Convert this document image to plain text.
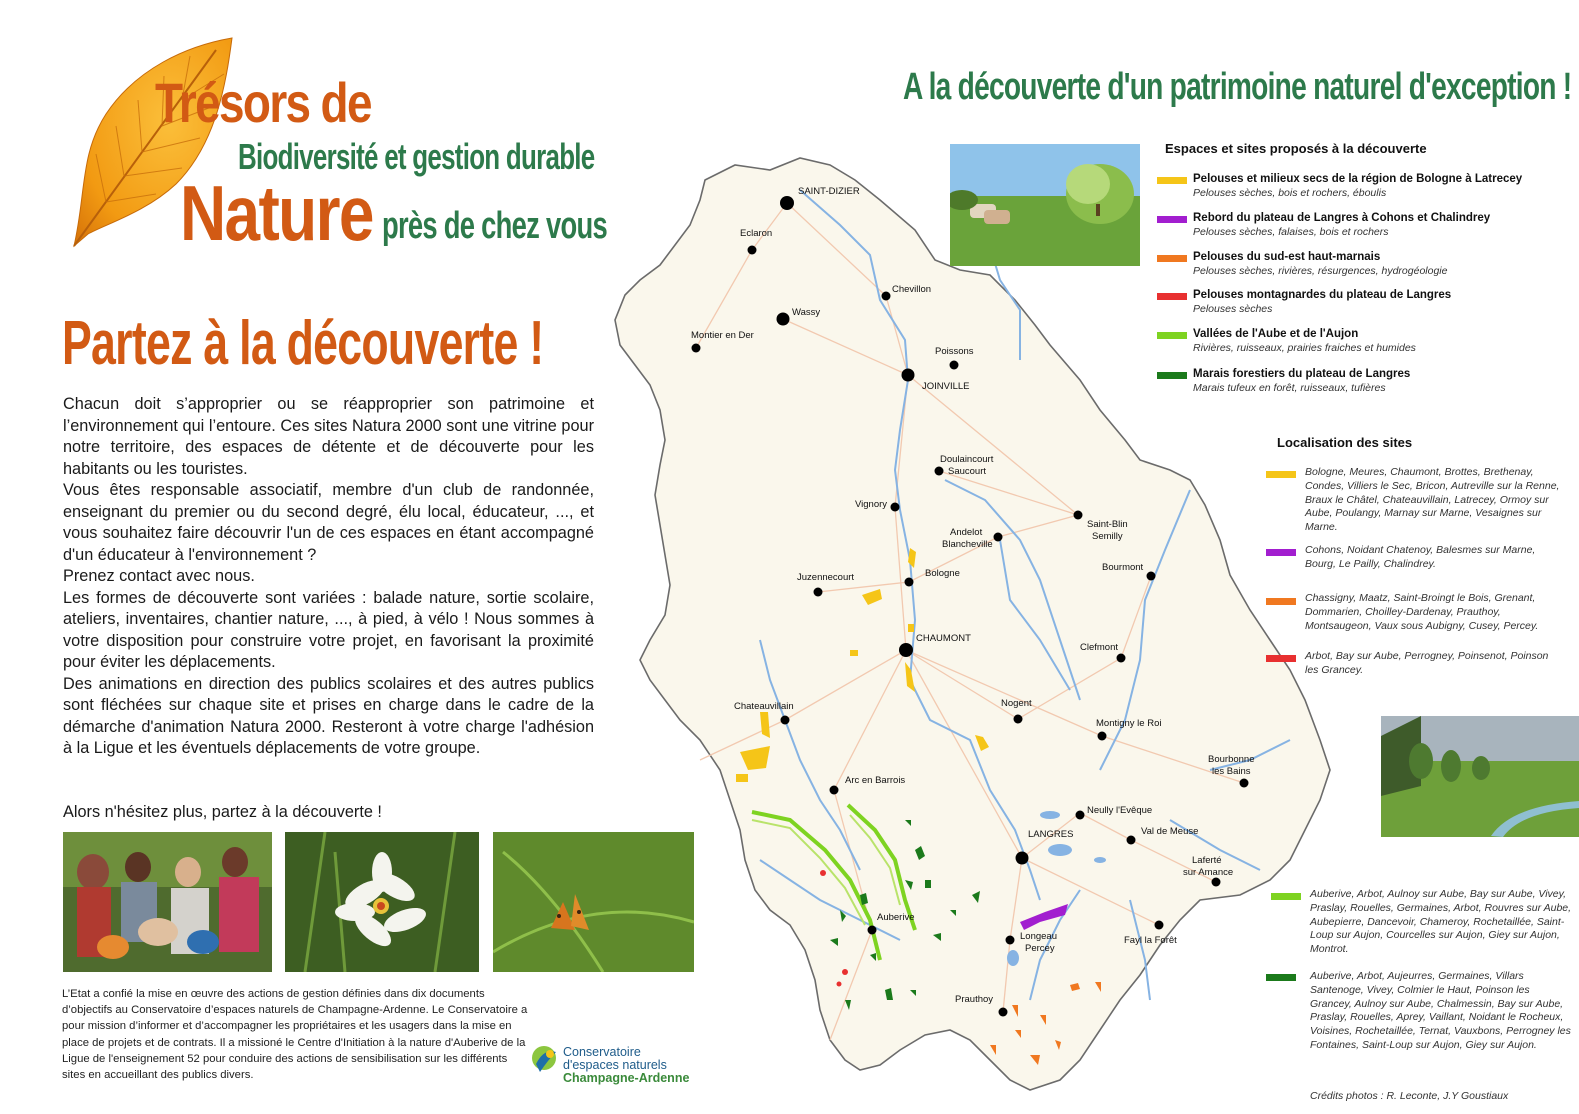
Trésors de
Biodiversité et gestion durable
Nature près de chez vous
A la découverte d'un patrimoine naturel d'exception !
Partez à la découverte !

Chacun doit s’approprier ou se réapproprier son patrimoine et l’environnement qui l’entoure. Ces sites Natura 2000 sont une vitrine pour notre territoire, des espaces de détente et de découverte pour les habitants ou les touristes.

Vous êtes responsable associatif, membre d'un club de randonnée, enseignant du premier ou du second degré, élu local, éducateur, ..., et vous souhaitez faire découvrir l'un de ces espaces en étant accompagné d'un éducateur à l'environnement ?

Prenez contact avec nous.

Les formes de découverte sont variées : balade nature, sortie scolaire, ateliers, inventaires, chantier nature, ..., à pied, à vélo ! Nous sommes à votre disposition pour construire votre projet, en favorisant la proximité pour éviter les déplacements.

Des animations en direction des publics scolaires et des autres publics sont fléchées sur chaque site et prises en charge dans le cadre de la démarche d'animation Natura 2000. Resteront à votre charge l'adhésion à la Ligue et les éventuels déplacements de votre groupe.

Alors n'hésitez plus, partez à la découverte !
L’Etat a confié la mise en œuvre des actions de gestion définies dans dix documents d’objectifs au Conservatoire d’espaces naturels de Champagne-Ardenne. Le Conservatoire a pour mission d’informer et d’accompagner les propriétaires et les usagers dans la mise en place de projets et de contrats. Il a missioné le Centre d'Initiation à la nature d'Auberive de la Ligue de l'enseignement 52 pour conduire des actions de sensibilisation sur les différents sites en accueillant des publics divers.
Conservatoire
d'espaces naturels
Champagne-Ardenne
SAINT-DIZIER
Eclaron
Chevillon
Wassy
Montier en Der
Poissons
JOINVILLE
Doulaincourt
Saucourt
Vignory
Saint-Blin
Semilly
Andelot
Blancheville
Bourmont
Juzennecourt	Bologne
CHAUMONT
Clefmont
Chateauvillain	Nogent
Montigny le Roi
Bourbonne
les Bains
Arc en Barrois
Neully l'Evêque
LANGRES	Val de Meuse
Laferté
sur Amance
Auberive
Longeau
Percey
Fayl la Forêt
Prauthoy
Espaces et sites proposés à la découverte
Pelouses et milieux secs de la région de Bologne à Latrecey
Pelouses sèches, bois et rochers, éboulis
Rebord du plateau de Langres à Cohons et Chalindrey
Pelouses sèches, falaises, bois et rochers
Pelouses du sud-est haut-marnais
Pelouses sèches, rivières, résurgences, hydrogéologie
Pelouses montagnardes du plateau de Langres
Pelouses sèches
Vallées de l'Aube et de l'Aujon
Rivières, ruisseaux, prairies fraiches et humides
Marais forestiers du plateau de Langres
Marais tufeux en forêt, ruisseaux, tufières
Localisation des sites
Bologne, Meures, Chaumont, Brottes, Brethenay, Condes, Villiers le Sec, Bricon, Autreville sur la Renne, Braux le Châtel, Chateauvillain, Latrecey, Ormoy sur Aube, Poulangy, Marnay sur Marne, Vesaignes sur Marne.
Cohons, Noidant Chatenoy, Balesmes sur Marne, Bourg, Le Pailly, Chalindrey.
Chassigny, Maatz, Saint-Broingt le Bois, Grenant, Dommarien, Choilley-Dardenay, Prauthoy, Montsaugeon, Vaux sous Aubigny, Cusey, Percey.
Arbot, Bay sur Aube, Perrogney, Poinsenot, Poinson les Grancey.
Auberive, Arbot, Aulnoy sur Aube, Bay sur Aube, Vivey, Praslay, Rouelles, Germaines, Arbot, Rouvres sur Aube, Aubepierre, Dancevoir, Chameroy, Rochetaillée, Saint-Loup sur Aujon, Courcelles sur Aujon, Giey sur Aujon, Montrot.
Auberive, Arbot, Aujeurres, Germaines, Villars Santenoge, Vivey, Colmier le Haut, Poinson les Grancey, Aulnoy sur Aube, Chalmessin, Bay sur Aube, Praslay, Rouelles, Aprey, Vaillant, Noidant le Rocheux, Voisines, Rochetaillée, Ternat, Vauxbons, Perrogney les Fontaines, Saint-Loup sur Aujon, Giey sur Aujon.
Crédits photos : R. Leconte, J.Y Goustiaux
